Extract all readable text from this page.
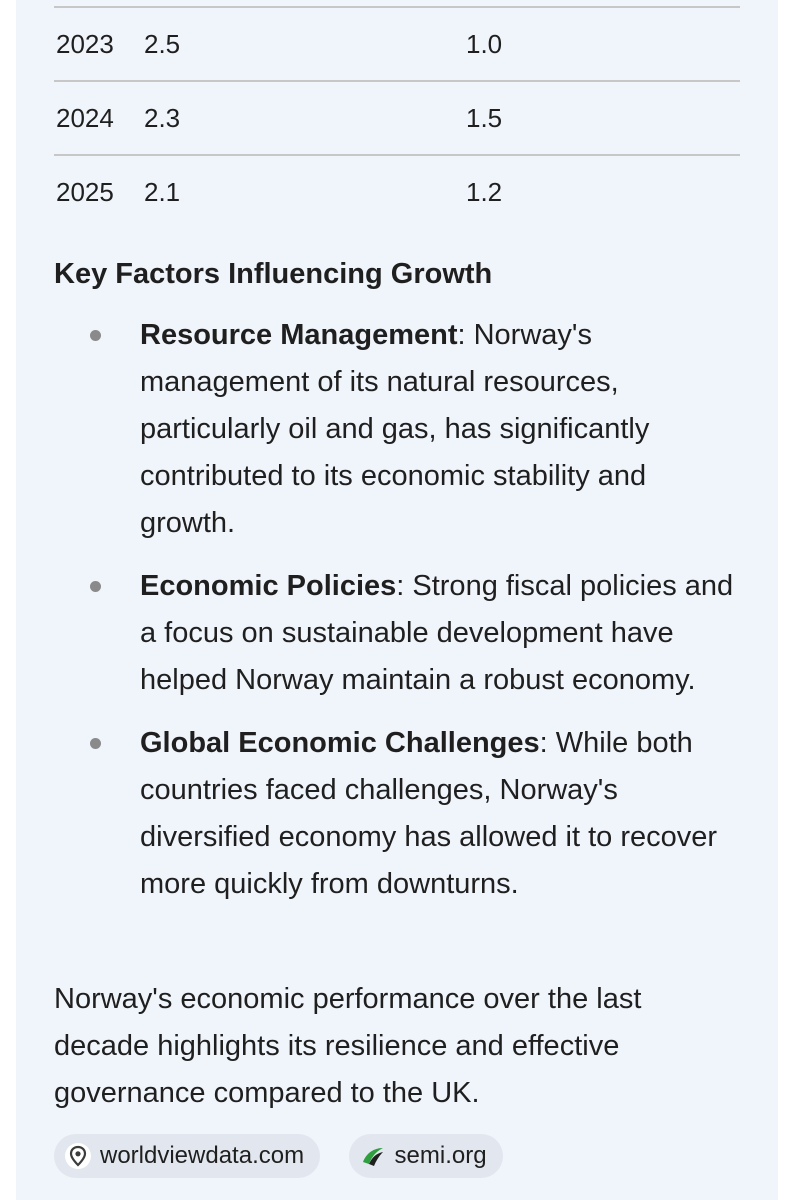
2023 2.5	1.0
2024 2.3	1.5
2025 2.1	1.2
Key Factors Influencing Growth
Resource Management: Norway's management of its natural resources, particularly oil and gas, has significantly contributed to its economic stability and growth.
Economic Policies: Strong fiscal policies and a focus on sustainable development have helped Norway maintain a robust economy.
Global Economic Challenges: While both countries faced challenges, Norway's diversified economy has allowed it to recover more quickly from downturns.
Norway's economic performance over the last decade highlights its resilience and effective governance compared to the UK.
worldviewdata.com
	semi.org
